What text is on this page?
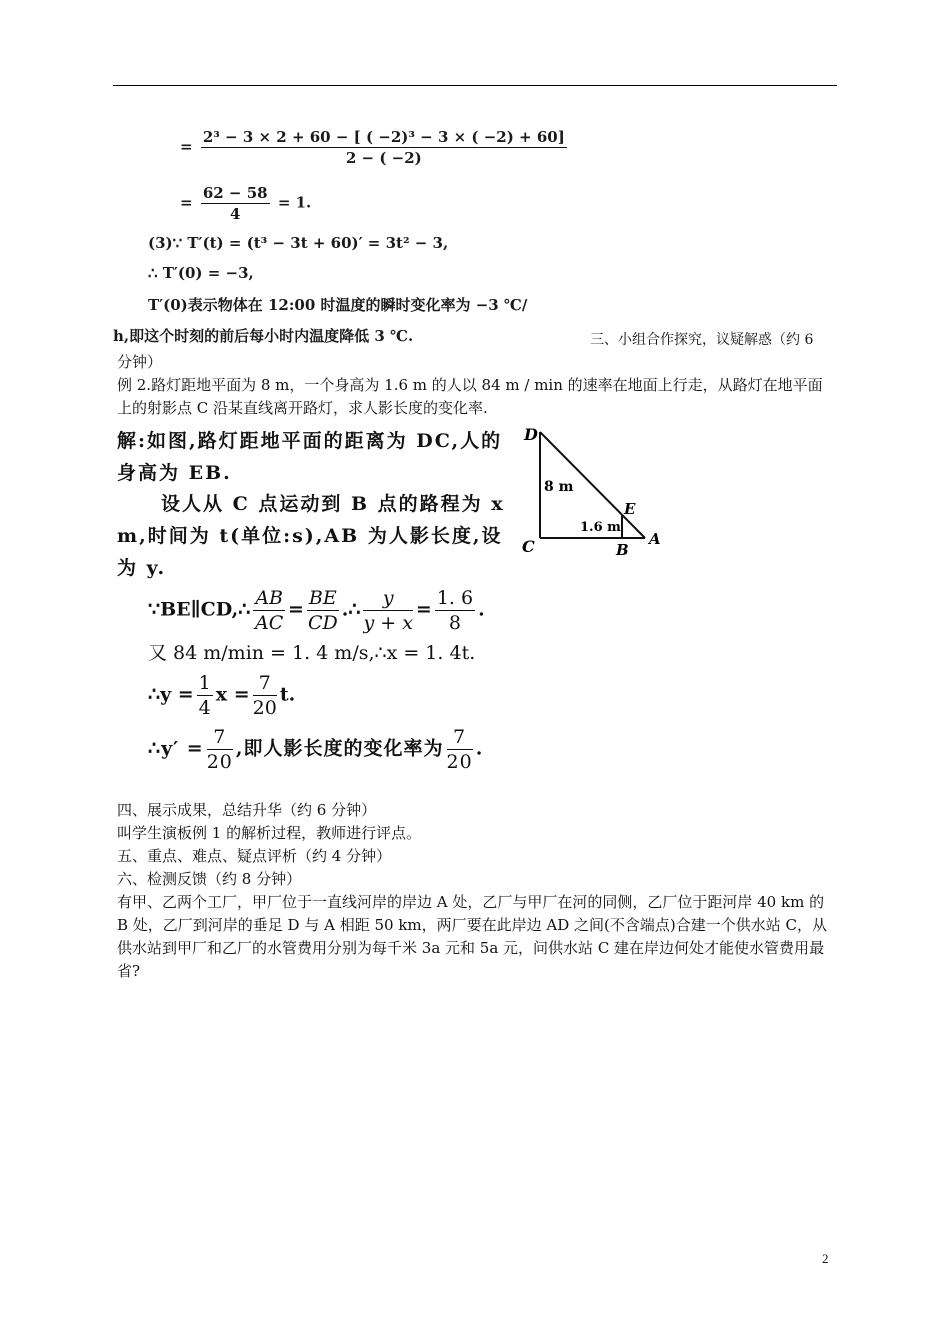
= $\frac{\text{2³ − 3 × 2 + 60 − [ ( −2)³ − 3 × ( −2) + 60]}}{2 - ( -2)}$
= $\frac{62 - 58}{4} = 1$.
(3)∵ T′(t) = (t³ − 3t + 60)′ = 3t² − 3,
∴ T′(0) = −3,
T′(0)表示物体在 12:00 时温度的瞬时变化率为 −3 ℃/
h,即这个时刻的前后每小时内温度降低 3 ℃.	三、小组合作探究，议疑解惑（约 6

分钟）

例 2.路灯距地平面为 8 m，一个身高为 1.6 m 的人以 84 m / min 的速率在地面上行走，从路灯在地平面上的射影点 C 沿某直线离开路灯，求人影长度的变化率.

解:如图,路灯距地平面的距离为 DC,人的身高为 EB.
设人从 C 点运动到 B 点的路程为 x m,时间为 t(单位:s),AB 为人影长度,设为 y.
D
C
E
B
A
8 m
1.6 m
∵BE∥CD,∴ $\frac{AB}{AC} = \frac{BE}{CD}$ .∴ $\frac{y}{y + x} = \frac{1. 6}{8}$ .
又 84 m/min = 1. 4 m/s,∴x = 1. 4t.
∴y = $\frac{1}{4}$ $x = \frac{7}{20} t$.
∴y′ = $\frac{7}{20}$ ,即人影长度的变化率为 $\frac{7}{20}$ .

四、展示成果，总结升华（约 6 分钟）

叫学生演板例 1 的解析过程，教师进行评点。

五、重点、难点、疑点评析（约 4 分钟）

六、检测反馈（约 8 分钟）

有甲、乙两个工厂，甲厂位于一直线河岸的岸边 A 处，乙厂与甲厂在河的同侧，乙厂位于距河岸 40 km 的 B 处，乙厂到河岸的垂足 D 与 A 相距 50 km，两厂要在此岸边 AD 之间(不含端点)合建一个供水站 C，从供水站到甲厂和乙厂的水管费用分别为每千米 3a 元和 5a 元，问供水站 C 建在岸边何处才能使水管费用最省?

2
